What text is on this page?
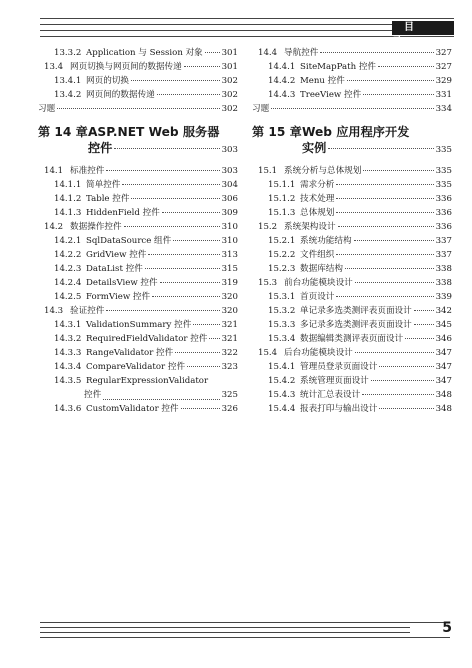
目 录
13.3.2 Application 与 Session 对象 301
13.4 网页切换与网页间的数据传递	301
13.4.1 网页的切换	302
13.4.2 网页间的数据传递	302
习题	302
第 14 章 ASP.NET Web 服务器
控件	303
14.1 标准控件	303
14.1.1 简单控件	304
14.1.2 Table 控件	306
14.1.3 HiddenField 控件	309
14.2 数据操作控件	310
14.2.1 SqlDataSource 组件	310
14.2.2 GridView 控件	313
14.2.3 DataList 控件	315
14.2.4 DetailsView 控件	319
14.2.5 FormView 控件	320
14.3 验证控件	320
14.3.1 ValidationSummary 控件	321
14.3.2 RequiredFieldValidator 控件 321
14.3.3 RangeValidator 控件	322
14.3.4 CompareValidator 控件	323
14.3.5 RegularExpressionValidator
控件	325
14.3.6 CustomValidator 控件	326
14.4 导航控件	327
14.4.1 SiteMapPath 控件	327
14.4.2 Menu 控件	329
14.4.3 TreeView 控件	331
习题	334
第 15 章 Web 应用程序开发
实例	335
15.1 系统分析与总体规划	335
15.1.1 需求分析	335
15.1.2 技术处理	336
15.1.3 总体规划	336
15.2 系统架构设计	336
15.2.1 系统功能结构	337
15.2.2 文件组织	337
15.2.3 数据库结构	338
15.3 前台功能模块设计	338
15.3.1 首页设计	339
15.3.2 单记录多选类测评表页面设计	342
15.3.3 多记录多选类测评表页面设计	345
15.3.4 数据编辑类测评表页面设计	346
15.4 后台功能模块设计	347
15.4.1 管理员登录页面设计	347
15.4.2 系统管理页面设计	347
15.4.3 统计汇总表设计	348
15.4.4 报表打印与输出设计	348
5
